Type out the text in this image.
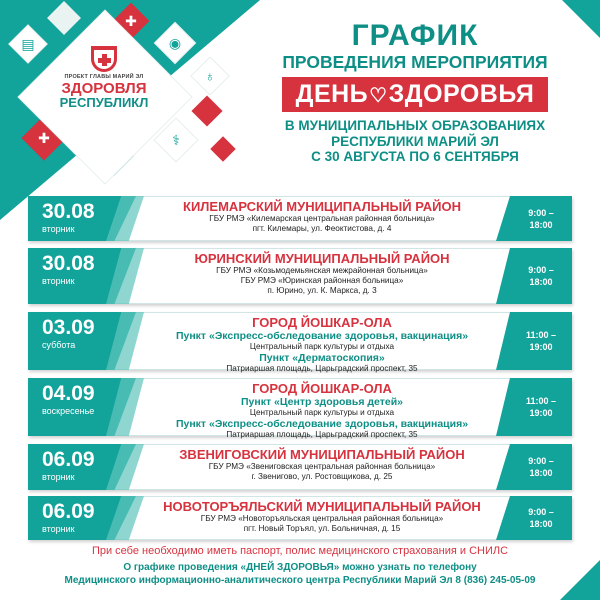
▤
✚
◉
♁
✚	⚕
ПРОЕКТ ГЛАВЫ МАРИЙ ЭЛ
ЗДОРОВЛЯ
РЕСПУБЛИКЛ
ГРАФИК
ПРОВЕДЕНИЯ МЕРОПРИЯТИЯ
ДЕНЬ♡ЗДОРОВЬЯ
В МУНИЦИПАЛЬНЫХ ОБРАЗОВАНИЯХ
РЕСПУБЛИКИ МАРИЙ ЭЛ
С 30 АВГУСТА ПО 6 СЕНТЯБРЯ
30.08
вторник
КИЛЕМАРСКИЙ МУНИЦИПАЛЬНЫЙ РАЙОН
ГБУ РМЭ «Килемарская центральная районная больница»
пгт. Килемары, ул. Феоктистова, д. 4
9:00 –
18:00
30.08
вторник
ЮРИНСКИЙ МУНИЦИПАЛЬНЫЙ РАЙОН
ГБУ РМЭ «Козьмодемьянская межрайонная больница»
ГБУ РМЭ «Юринская районная больница»
п. Юрино, ул. К. Маркса, д. 3
9:00 –
18:00
03.09
суббота
ГОРОД ЙОШКАР-ОЛА
Пункт «Экспресс-обследование здоровья, вакцинация»
Центральный парк культуры и отдыха
Пункт «Дерматоскопия»
Патриаршая площадь, Царьградский проспект, 35
11:00 –
19:00
04.09
воскресенье
ГОРОД ЙОШКАР-ОЛА
Пункт «Центр здоровья детей»
Центральный парк культуры и отдыха
Пункт «Экспресс-обследование здоровья, вакцинация»
Патриаршая площадь, Царьградский проспект, 35
11:00 –
19:00
06.09
вторник
ЗВЕНИГОВСКИЙ МУНИЦИПАЛЬНЫЙ РАЙОН
ГБУ РМЭ «Звениговская центральная районная больница»
г. Звенигово, ул. Ростовщикова, д. 25
9:00 –
18:00
06.09
вторник
НОВОТОРЪЯЛЬСКИЙ МУНИЦИПАЛЬНЫЙ РАЙОН
ГБУ РМЭ «Новоторъяльская центральная районная больница»
пгт. Новый Торъял, ул. Больничная, д. 15
9:00 –
18:00
При себе необходимо иметь паспорт, полис медицинского страхования и СНИЛС
О графике проведения «ДНЕЙ ЗДОРОВЬЯ» можно узнать по телефону
Медицинского информационно-аналитического центра Республики Марий Эл 8 (836) 245-05-09
